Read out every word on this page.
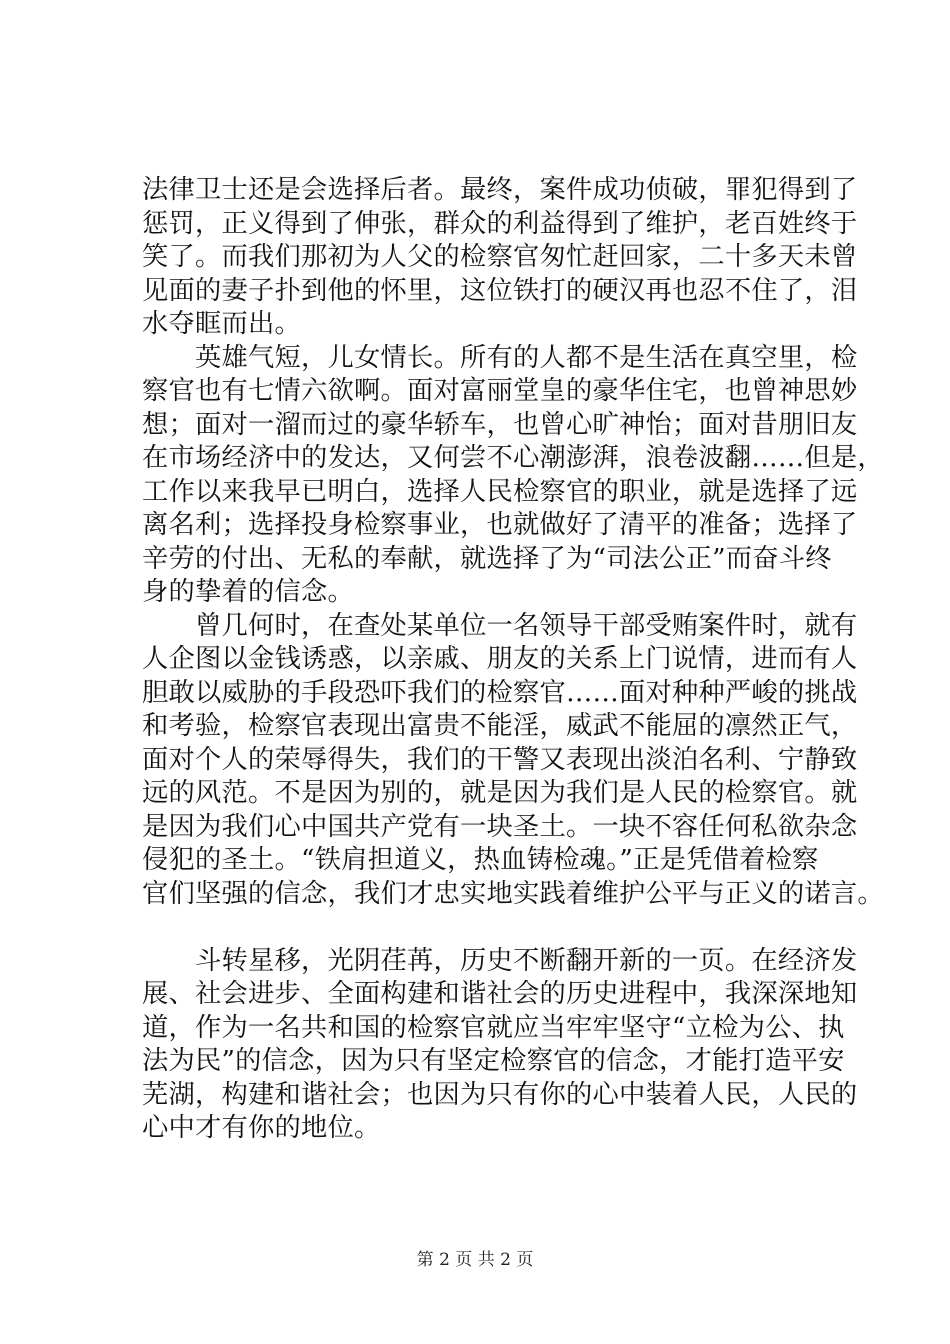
法律卫士还是会选择后者。最终，案件成功侦破，罪犯得到了
惩罚，正义得到了伸张，群众的利益得到了维护，老百姓终于
笑了。而我们那初为人父的检察官匆忙赶回家，二十多天未曾
见面的妻子扑到他的怀里，这位铁打的硬汉再也忍不住了，泪
水夺眶而出。

　　英雄气短，儿女情长。所有的人都不是生活在真空里，检
察官也有七情六欲啊。面对富丽堂皇的豪华住宅，也曾神思妙
想；面对一溜而过的豪华轿车，也曾心旷神怡；面对昔朋旧友
在市场经济中的发达，又何尝不心潮澎湃，浪卷波翻……但是，
工作以来我早已明白，选择人民检察官的职业，就是选择了远
离名利；选择投身检察事业，也就做好了清平的准备；选择了
辛劳的付出、无私的奉献，就选择了为“司法公正”而奋斗终
身的挚着的信念。

　　曾几何时，在查处某单位一名领导干部受贿案件时，就有
人企图以金钱诱惑，以亲戚、朋友的关系上门说情，进而有人
胆敢以威胁的手段恐吓我们的检察官……面对种种严峻的挑战
和考验，检察官表现出富贵不能淫，威武不能屈的凛然正气，
面对个人的荣辱得失，我们的干警又表现出淡泊名利、宁静致
远的风范。不是因为别的，就是因为我们是人民的检察官。就
是因为我们心中国共产党有一块圣土。一块不容任何私欲杂念
侵犯的圣土。“铁肩担道义，热血铸检魂。”正是凭借着检察
官们坚强的信念，我们才忠实地实践着维护公平与正义的诺言。

　　斗转星移，光阴荏苒，历史不断翻开新的一页。在经济发
展、社会进步、全面构建和谐社会的历史进程中，我深深地知
道，作为一名共和国的检察官就应当牢牢坚守“立检为公、执
法为民”的信念，因为只有坚定检察官的信念，才能打造平安
芜湖，构建和谐社会；也因为只有你的心中装着人民，人民的
心中才有你的地位。

第 2 页 共 2 页
